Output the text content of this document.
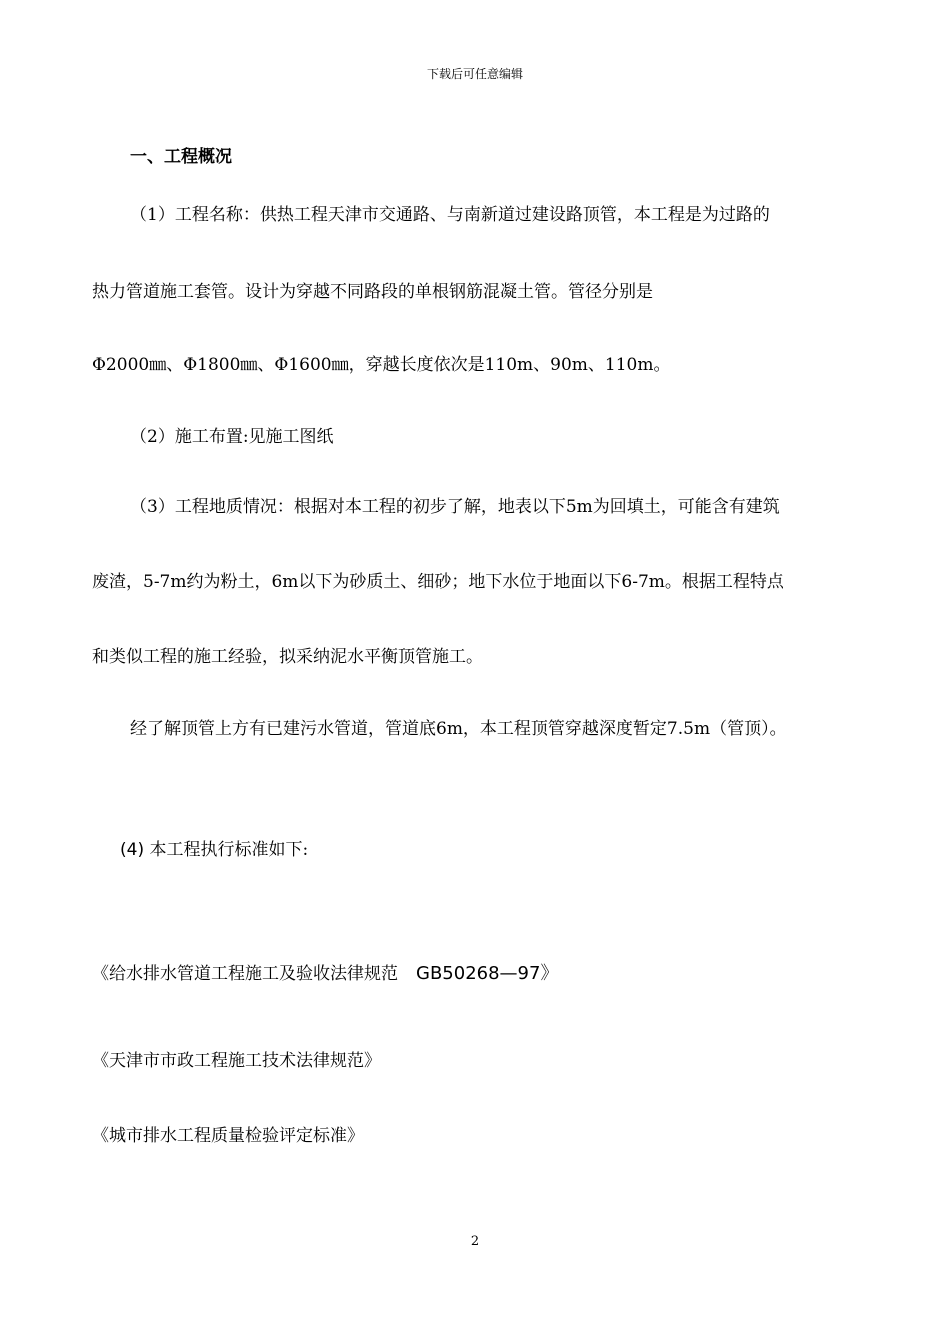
下载后可任意编辑
一、工程概况
（1）工程名称：供热工程天津市交通路、与南新道过建设路顶管，本工程是为过路的
热力管道施工套管。设计为穿越不同路段的单根钢筋混凝土管。管径分别是
Φ2000㎜、Φ1800㎜、Φ1600㎜，穿越长度依次是110m、90m、110m。
（2）施工布置:见施工图纸
（3）工程地质情况：根据对本工程的初步了解，地表以下5m为回填土，可能含有建筑
废渣，5-7m约为粉土，6m以下为砂质土、细砂；地下水位于地面以下6-7m。根据工程特点
和类似工程的施工经验，拟采纳泥水平衡顶管施工。
经了解顶管上方有已建污水管道，管道底6m，本工程顶管穿越深度暂定7.5m（管顶）。
(4) 本工程执行标准如下:
《给水排水管道工程施工及验收法律规范 GB50268—97》
《天津市市政工程施工技术法律规范》
《城市排水工程质量检验评定标准》
2
